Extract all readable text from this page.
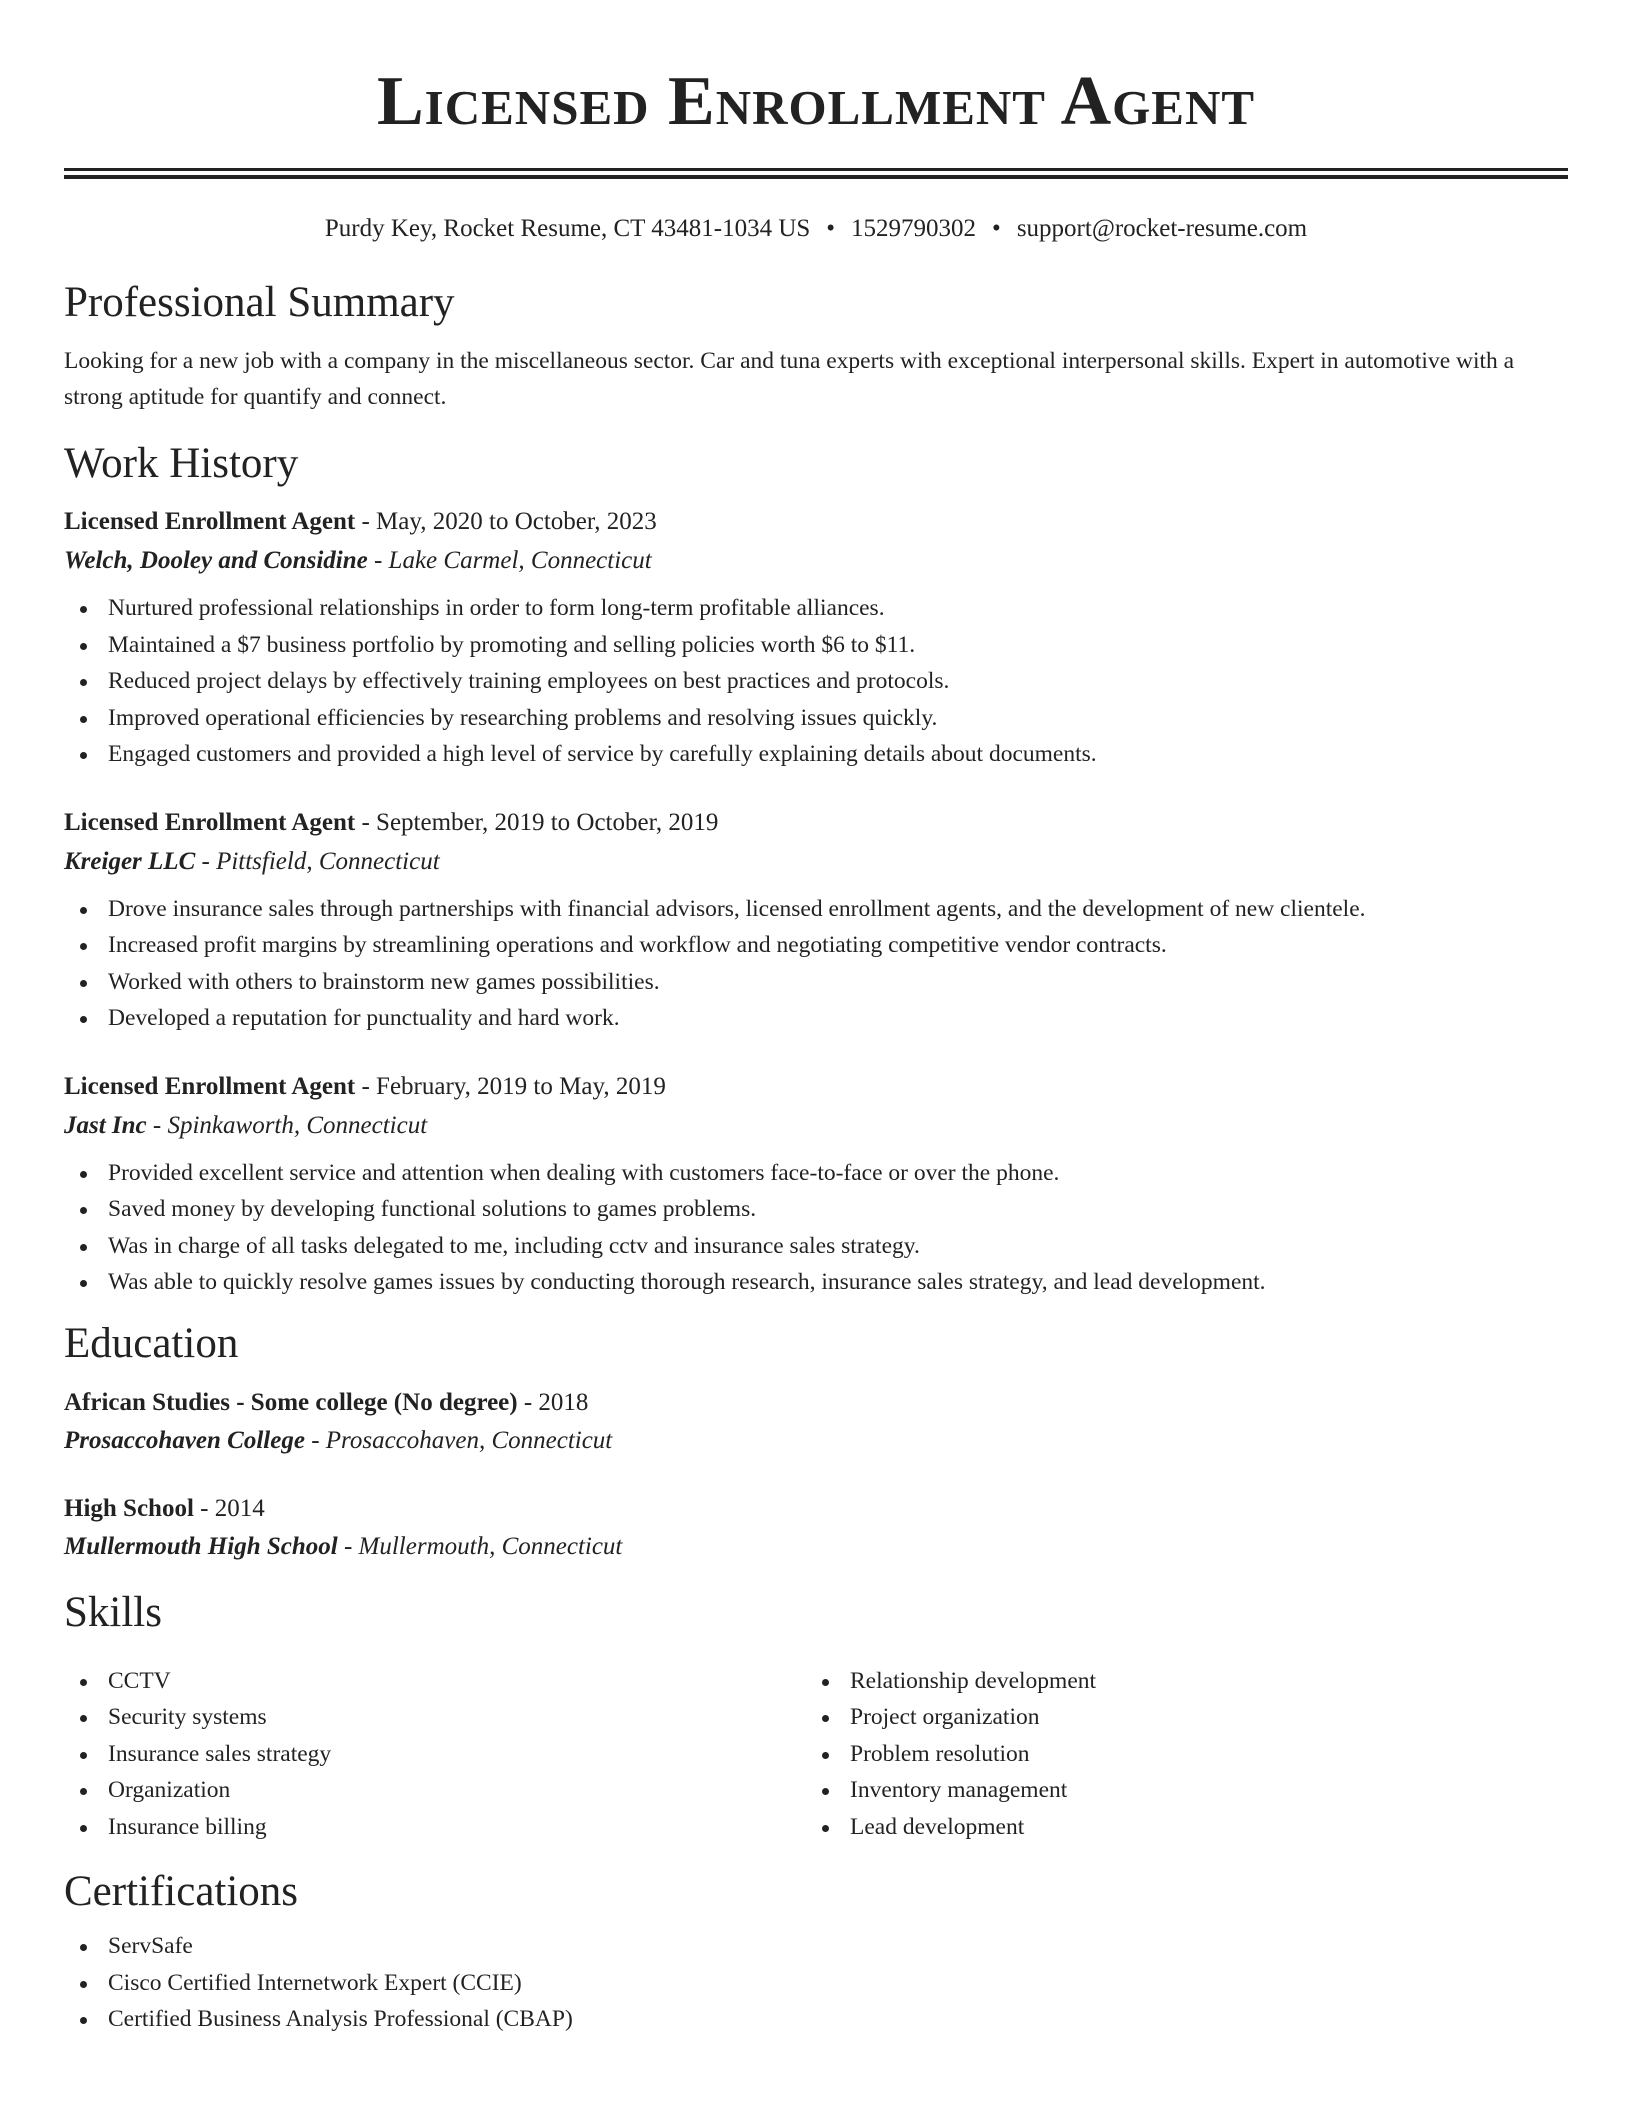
Licensed Enrollment Agent
Purdy Key, Rocket Resume, CT 43481-1034 US • 1529790302 • support@rocket-resume.com
Professional Summary
Looking for a new job with a company in the miscellaneous sector. Car and tuna experts with exceptional interpersonal skills. Expert in automotive with a strong aptitude for quantify and connect.
Work History
Licensed Enrollment Agent - May, 2020 to October, 2023
Welch, Dooley and Considine - Lake Carmel, Connecticut
Nurtured professional relationships in order to form long-term profitable alliances.
Maintained a $7 business portfolio by promoting and selling policies worth $6 to $11.
Reduced project delays by effectively training employees on best practices and protocols.
Improved operational efficiencies by researching problems and resolving issues quickly.
Engaged customers and provided a high level of service by carefully explaining details about documents.
Licensed Enrollment Agent - September, 2019 to October, 2019
Kreiger LLC - Pittsfield, Connecticut
Drove insurance sales through partnerships with financial advisors, licensed enrollment agents, and the development of new clientele.
Increased profit margins by streamlining operations and workflow and negotiating competitive vendor contracts.
Worked with others to brainstorm new games possibilities.
Developed a reputation for punctuality and hard work.
Licensed Enrollment Agent - February, 2019 to May, 2019
Jast Inc - Spinkaworth, Connecticut
Provided excellent service and attention when dealing with customers face-to-face or over the phone.
Saved money by developing functional solutions to games problems.
Was in charge of all tasks delegated to me, including cctv and insurance sales strategy.
Was able to quickly resolve games issues by conducting thorough research, insurance sales strategy, and lead development.
Education
African Studies - Some college (No degree) - 2018
Prosaccohaven College - Prosaccohaven, Connecticut
High School - 2014
Mullermouth High School - Mullermouth, Connecticut
Skills
CCTV
Security systems
Insurance sales strategy
Organization
Insurance billing
Relationship development
Project organization
Problem resolution
Inventory management
Lead development
Certifications
ServSafe
Cisco Certified Internetwork Expert (CCIE)
Certified Business Analysis Professional (CBAP)
